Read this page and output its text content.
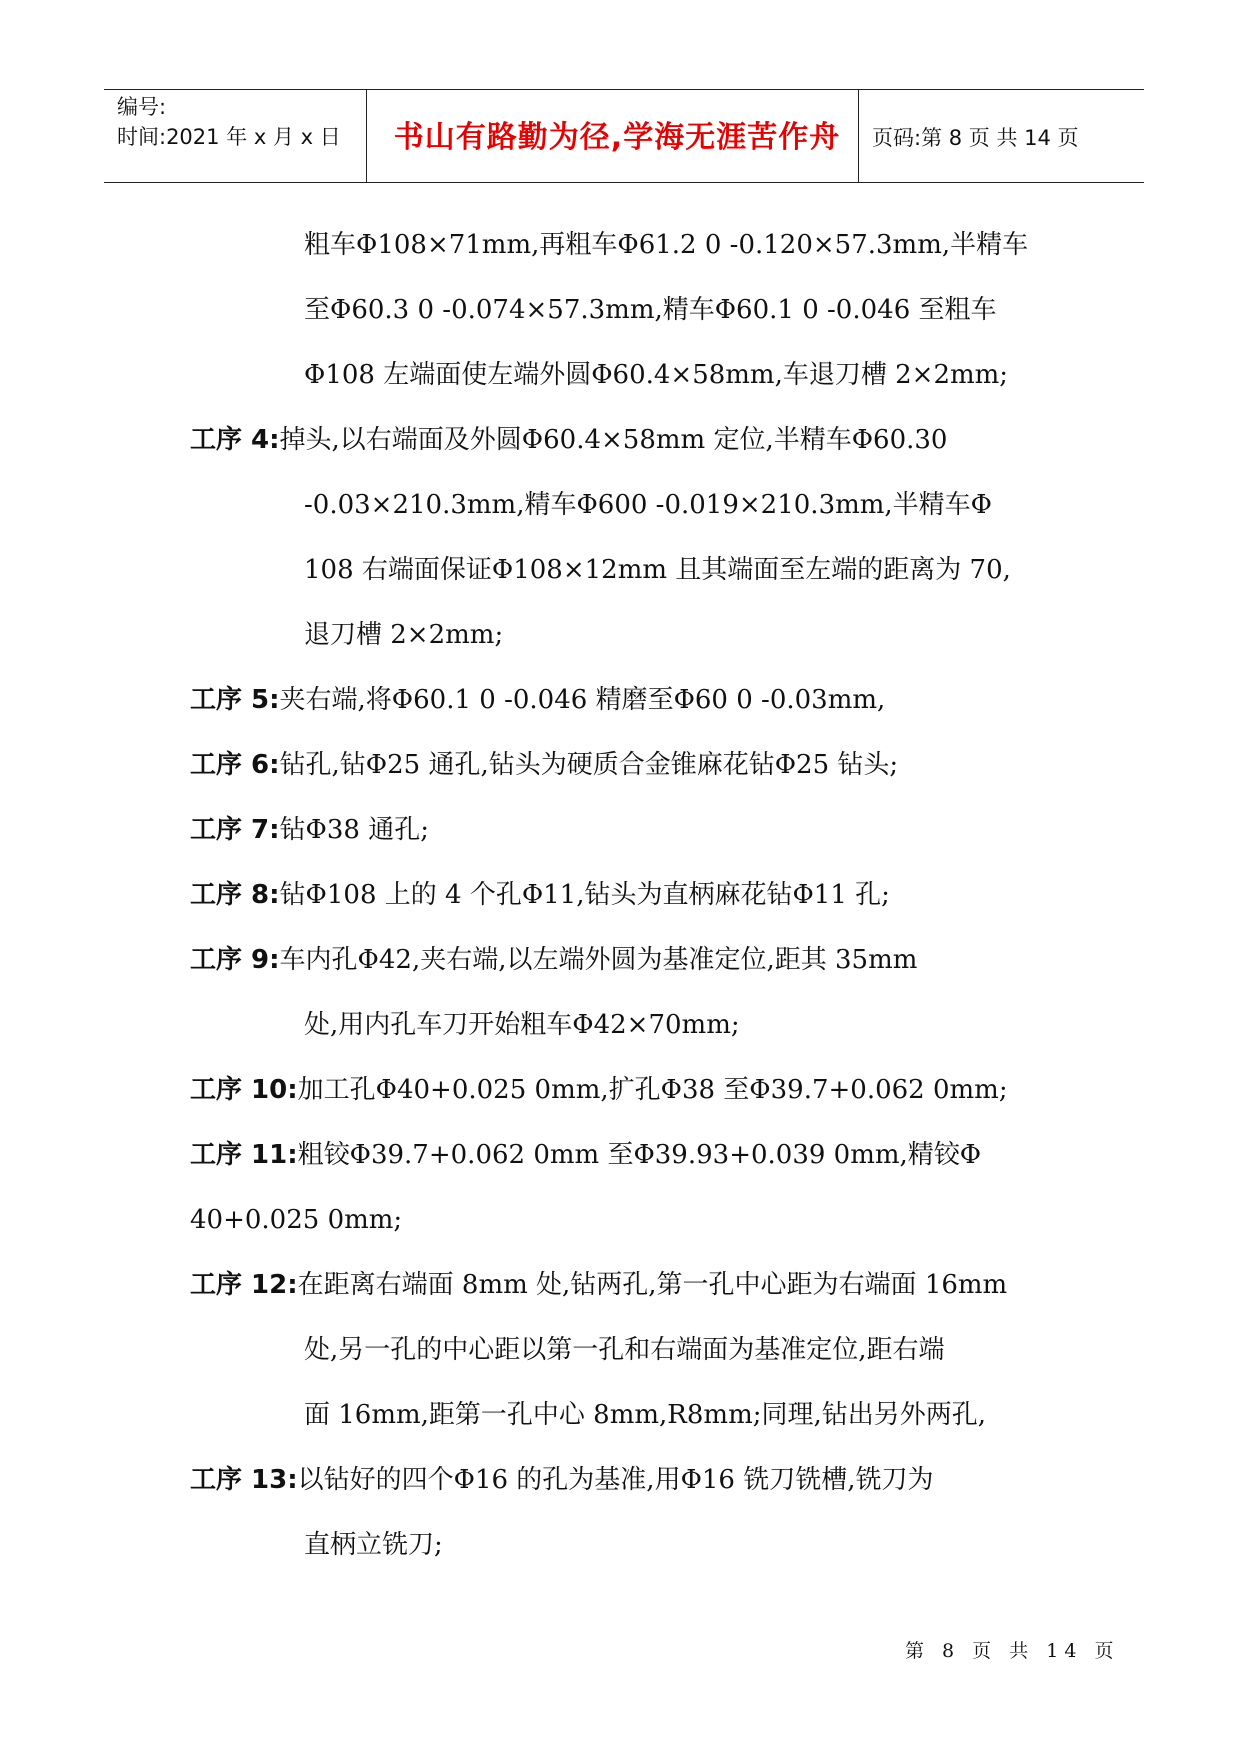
编号:
时间:2021 年 x 月 x 日	书山有路勤为径,学海无涯苦作舟	页码:第 8 页 共 14 页
粗车Φ108×71mm,再粗车Φ61.2 0 -0.120×57.3mm,半精车
至Φ60.3 0 -0.074×57.3mm,精车Φ60.1 0 -0.046 至粗车
Φ108 左端面使左端外圆Φ60.4×58mm,车退刀槽 2×2mm;
工序 4:掉头,以右端面及外圆Φ60.4×58mm 定位,半精车Φ60.30
-0.03×210.3mm,精车Φ600 -0.019×210.3mm,半精车Φ
108 右端面保证Φ108×12mm 且其端面至左端的距离为 70,
退刀槽 2×2mm;
工序 5:夹右端,将Φ60.1 0 -0.046 精磨至Φ60 0 -0.03mm,
工序 6:钻孔,钻Φ25 通孔,钻头为硬质合金锥麻花钻Φ25 钻头;
工序 7:钻Φ38 通孔;
工序 8:钻Φ108 上的 4 个孔Φ11,钻头为直柄麻花钻Φ11 孔;
工序 9:车内孔Φ42,夹右端,以左端外圆为基准定位,距其 35mm
处,用内孔车刀开始粗车Φ42×70mm;
工序 10:加工孔Φ40+0.025 0mm,扩孔Φ38 至Φ39.7+0.062 0mm;
工序 11:粗铰Φ39.7+0.062 0mm 至Φ39.93+0.039 0mm,精铰Φ
40+0.025 0mm;
工序 12:在距离右端面 8mm 处,钻两孔,第一孔中心距为右端面 16mm
处,另一孔的中心距以第一孔和右端面为基准定位,距右端
面 16mm,距第一孔中心 8mm,R8mm;同理,钻出另外两孔,
工序 13:以钻好的四个Φ16 的孔为基准,用Φ16 铣刀铣槽,铣刀为
直柄立铣刀;
第 8 页 共 14 页
